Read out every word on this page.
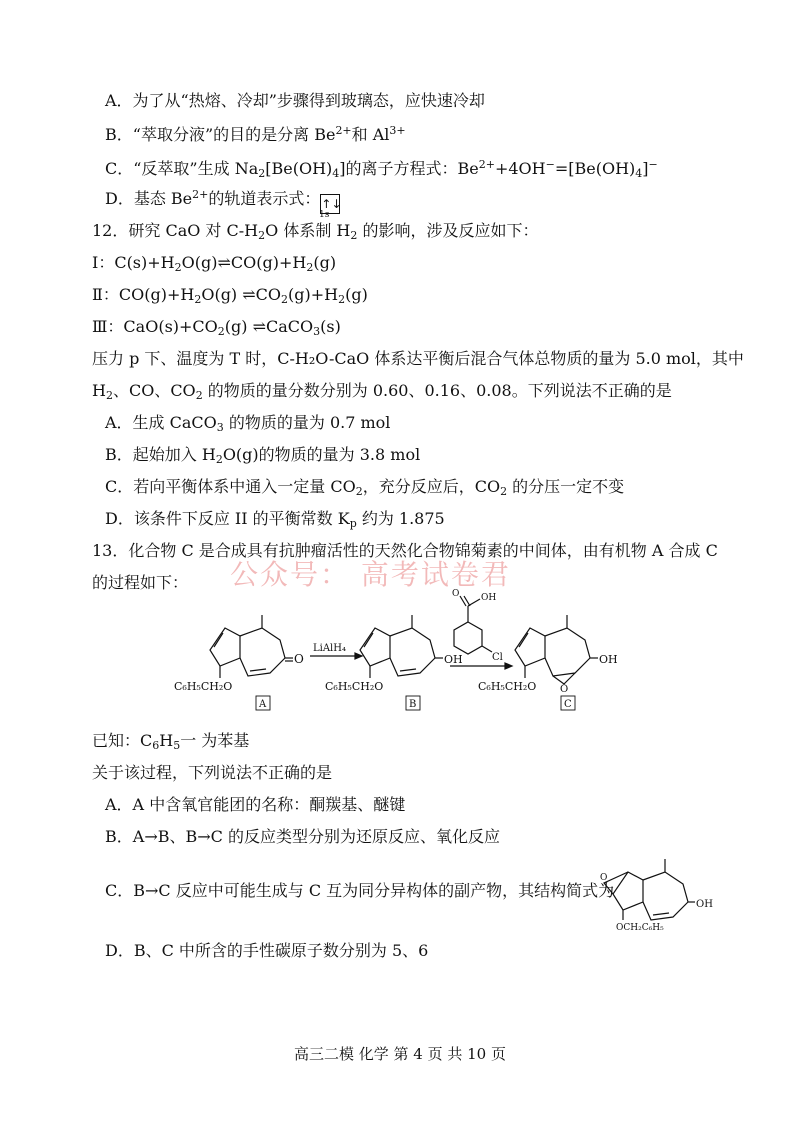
A．为了从“热熔、冷却”步骤得到玻璃态，应快速冷却
B．“萃取分液”的目的是分离 $Be^{2+}$和 $Al^{3+}$
C．“反萃取”生成 $Na_2[Be(OH)_4]$的离子方程式：$Be^{2+}+4OH^-=[Be(OH)_4]^-$
D．基态 $Be^{2+}$的轨道表示式：↑↓
1s
12．研究 CaO 对 $C-H_2O$ 体系制 $H_2$ 的影响，涉及反应如下：
Ⅰ：$C(s)+H_2O(g)\rightleftharpoons CO(g)+H_2(g)$
Ⅱ：$CO(g)+H_2O(g)$ $\rightleftharpoons CO_2(g)+H_2(g)$
Ⅲ：$CaO(s)+CO_2(g)$ ⇌CaCO$_3$(s)
压力 p 下、温度为 T 时，C-H₂O-CaO 体系达平衡后混合气体总物质的量为 5.0 mol，其中
$H_2$、CO、$CO_2$ 的物质的量分数分别为 0.60、0.16、0.08。下列说法不正确的是
A．生成 CaCO$_3$ 的物质的量为 0.7 mol
B．起始加入 $H_2O(g)$的物质的量为 3.8 mol
C．若向平衡体系中通入一定量 $CO_2$，充分反应后，$CO_2$ 的分压一定不变
D．该条件下反应 II 的平衡常数 $K_p$ 约为 1.875
13．化合物 C 是合成具有抗肿瘤活性的天然化合物锦菊素的中间体，由有机物 A 合成 C
的过程如下： 公众号： 高考试卷君
O
C₆H₅CH₂O
A
LiAlH₄
OH
C₆H₅CH₂O
B
O OH
Cl
O
OH
C₆H₅CH₂O
C
已知：$C_6H_5$一 为苯基
关于该过程，下列说法不正确的是
A．A 中含氧官能团的名称：酮羰基、醚键
B．A→B、B→C 的反应类型分别为还原反应、氧化反应
C．B→C 反应中可能生成与 C 互为同分异构体的副产物，其结构简式为
O
OH
OCH₂C₆H₅
D．B、C 中所含的手性碳原子数分别为 5、6
高三二模 化学 第 4 页 共 10 页
